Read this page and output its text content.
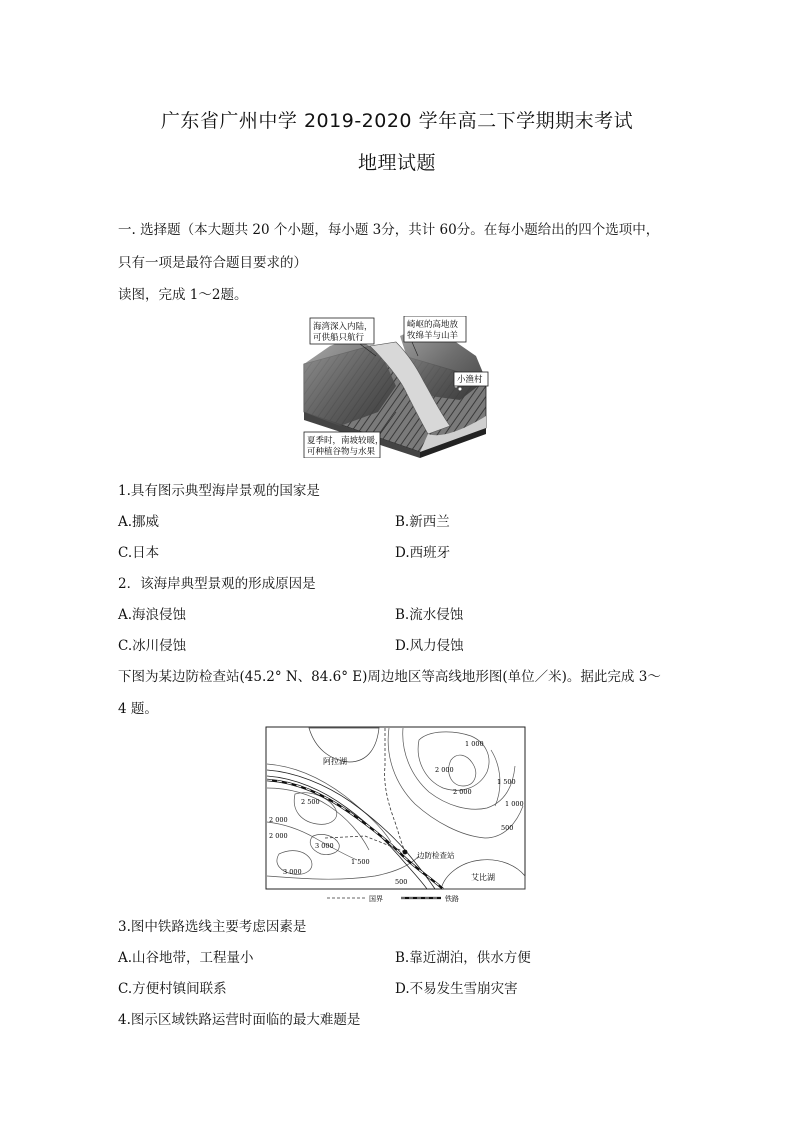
广东省广州中学 2019-2020 学年高二下学期期末考试
地理试题
一. 选择题（本大题共 20 个小题，每小题 3分，共计 60分。在每小题给出的四个选项中，
只有一项是最符合题目要求的）
读图，完成 1～2题。
海湾深入内陆，
可供船只航行
崎岖的高地放
牧绵羊与山羊
小渔村
夏季时，南坡较暖，
可种植谷物与水果
1.具有图示典型海岸景观的国家是
A.挪威	B.新西兰
C.日本	D.西班牙
2．该海岸典型景观的形成原因是
A.海浪侵蚀	B.流水侵蚀
C.冰川侵蚀	D.风力侵蚀
下图为某边防检查站(45.2° N、84.6° E)周边地区等高线地形图(单位／米)。据此完成 3～
4 题。
阿拉湖
艾比湖
边防检查站
1 000
2 000
2 000
1 500
1 000
500
2 500
2 000
2 000
3 000
1 500
3 000
500
国界	铁路
3.图中铁路选线主要考虑因素是
A.山谷地带，工程量小	B.靠近湖泊，供水方便
C.方便村镇间联系	D.不易发生雪崩灾害
4.图示区域铁路运营时面临的最大难题是
